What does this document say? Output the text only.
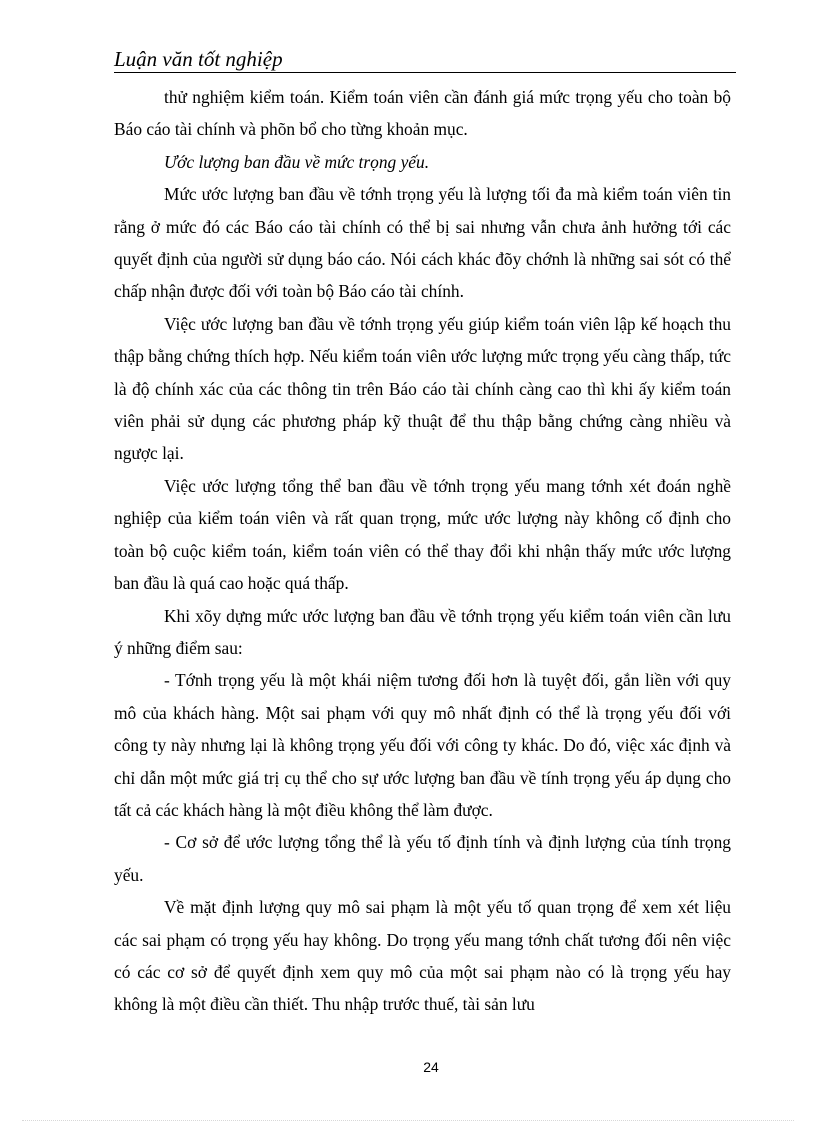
Luận văn tốt nghiệp

thử nghiệm kiểm toán. Kiểm toán viên cần đánh giá mức trọng yếu cho toàn bộ Báo cáo tài chính và phõn bổ cho từng khoản mục.

Ước lượng ban đầu về mức trọng yếu.

Mức ước lượng ban đầu về tớnh trọng yếu là lượng tối đa mà kiểm toán viên tin rằng ở mức đó các Báo cáo tài chính có thể bị sai nhưng vẫn chưa ảnh hưởng tới các quyết định của người sử dụng báo cáo. Nói cách khác đõy chớnh là những sai sót có thể chấp nhận được đối với toàn bộ Báo cáo tài chính.

Việc ước lượng ban đầu về tớnh trọng yếu giúp kiểm toán viên lập kế hoạch thu thập bằng chứng thích hợp. Nếu kiểm toán viên ước lượng mức trọng yếu càng thấp, tức là độ chính xác của các thông tin trên Báo cáo tài chính càng cao thì khi ấy kiểm toán viên phải sử dụng các phương pháp kỹ thuật để thu thập bằng chứng càng nhiều và ngược lại.

Việc ước lượng tổng thể ban đầu về tớnh trọng yếu mang tớnh xét đoán nghề nghiệp của kiểm toán viên và rất quan trọng, mức ước lượng này không cố định cho toàn bộ cuộc kiểm toán, kiểm toán viên có thể thay đổi khi nhận thấy mức ước lượng ban đầu là quá cao hoặc quá thấp.

Khi xõy dựng mức ước lượng ban đầu về tớnh trọng yếu kiểm toán viên cần lưu ý những điểm sau:

- Tớnh trọng yếu là một khái niệm tương đối hơn là tuyệt đối, gắn liền với quy mô của khách hàng. Một sai phạm với quy mô nhất định có thể là trọng yếu đối với công ty này nhưng lại là không trọng yếu đối với công ty khác. Do đó, việc xác định và chỉ dẫn một mức giá trị cụ thể cho sự ước lượng ban đầu về tính trọng yếu áp dụng cho tất cả các khách hàng là một điều không thể làm được.

- Cơ sở để ước lượng tổng thể là yếu tố định tính và định lượng của tính trọng yếu.

Về mặt định lượng quy mô sai phạm là một yếu tố quan trọng để xem xét liệu các sai phạm có trọng yếu hay không. Do trọng yếu mang tớnh chất tương đối nên việc có các cơ sở để quyết định xem quy mô của một sai phạm nào có là trọng yếu hay không là một điều cần thiết. Thu nhập trước thuế, tài sản lưu

24
